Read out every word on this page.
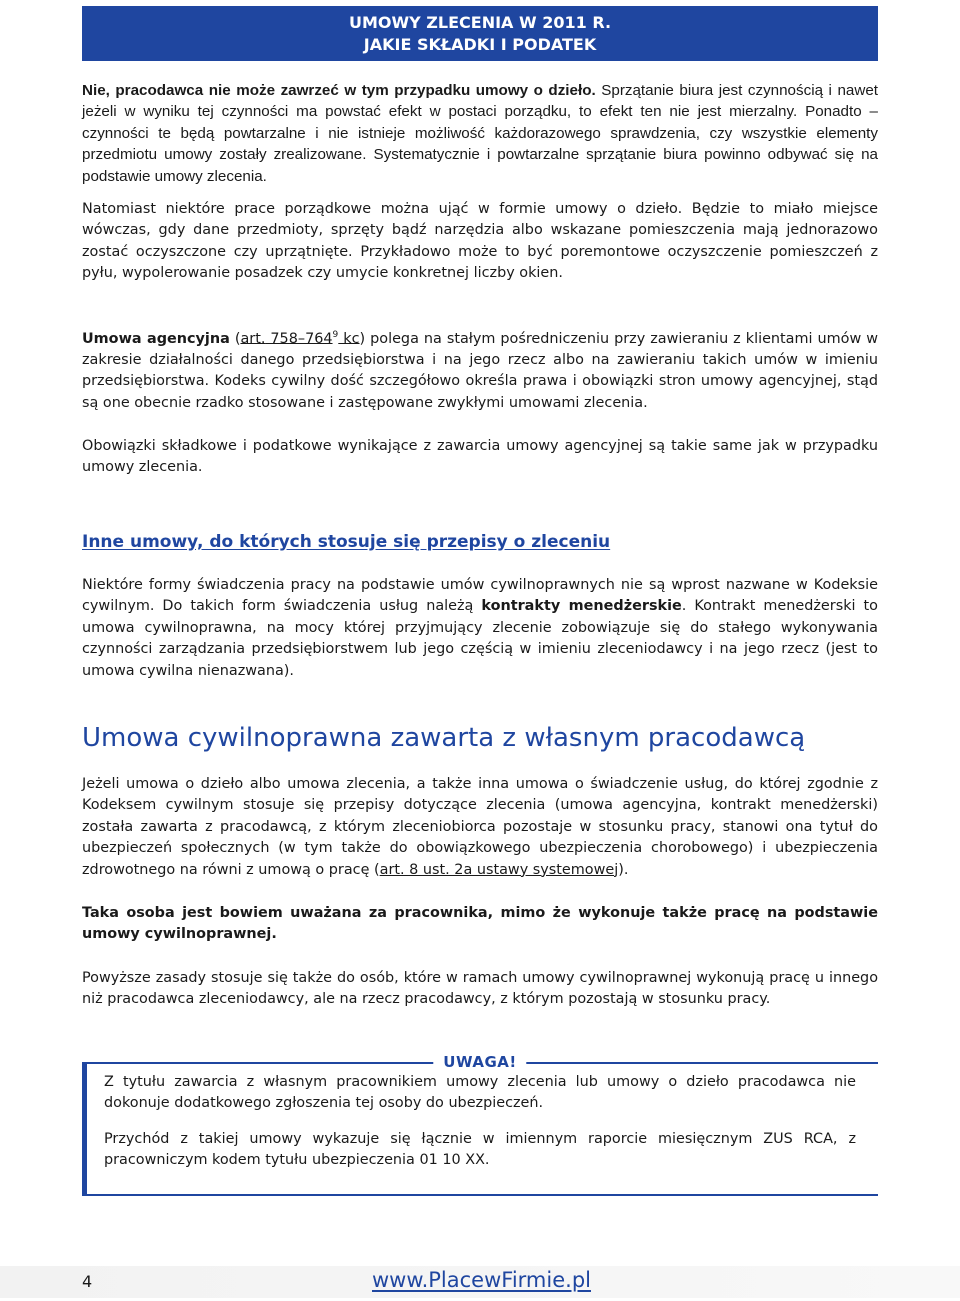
UMOWY ZLECENIA W 2011 R.
JAKIE SKŁADKI I PODATEK

Nie, pracodawca nie może zawrzeć w tym przypadku umowy o dzieło. Sprzątanie biura jest czynnością i nawet jeżeli w wyniku tej czynności ma powstać efekt w postaci porządku, to efekt ten nie jest mierzalny. Ponadto – czynności te będą powtarzalne i nie istnieje możliwość każdorazowego sprawdzenia, czy wszystkie elementy przedmiotu umowy zostały zrealizowane. Systematycznie i powtarzalne sprzątanie biura powinno odbywać się na podstawie umowy zlecenia.

Natomiast niektóre prace porządkowe można ująć w formie umowy o dzieło. Będzie to miało miejsce wówczas, gdy dane przedmioty, sprzęty bądź narzędzia albo wskazane pomieszczenia mają jednorazowo zostać oczyszczone czy uprzątnięte. Przykładowo może to być poremontowe oczyszczenie pomieszczeń z pyłu, wypolerowanie posadzek czy umycie konkretnej liczby okien.

Umowa agencyjna (art. $758-764^9$ kc) polega na stałym pośredniczeniu przy zawieraniu z klientami umów w zakresie działalności danego przedsiębiorstwa i na jego rzecz albo na zawieraniu takich umów w imieniu przedsiębiorstwa. Kodeks cywilny dość szczegółowo określa prawa i obowiązki stron umowy agencyjnej, stąd są one obecnie rzadko stosowane i zastępowane zwykłymi umowami zlecenia.

Obowiązki składkowe i podatkowe wynikające z zawarcia umowy agencyjnej są takie same jak w przypadku umowy zlecenia.

Inne umowy, do których stosuje się przepisy o zleceniu

Niektóre formy świadczenia pracy na podstawie umów cywilnoprawnych nie są wprost nazwane w Kodeksie cywilnym. Do takich form świadczenia usług należą kontrakty menedżerskie. Kontrakt menedżerski to umowa cywilnoprawna, na mocy której przyjmujący zlecenie zobowiązuje się do stałego wykonywania czynności zarządzania przedsiębiorstwem lub jego częścią w imieniu zleceniodawcy i na jego rzecz (jest to umowa cywilna nienazwana).

Umowa cywilnoprawna zawarta z własnym pracodawcą

Jeżeli umowa o dzieło albo umowa zlecenia, a także inna umowa o świadczenie usług, do której zgodnie z Kodeksem cywilnym stosuje się przepisy dotyczące zlecenia (umowa agencyjna, kontrakt menedżerski) została zawarta z pracodawcą, z którym zleceniobiorca pozostaje w stosunku pracy, stanowi ona tytuł do ubezpieczeń społecznych (w tym także do obowiązkowego ubezpieczenia chorobowego) i ubezpieczenia zdrowotnego na równi z umową o pracę (art. 8 ust. 2a ustawy systemowej).

Taka osoba jest bowiem uważana za pracownika, mimo że wykonuje także pracę na podstawie umowy cywilnoprawnej.

Powyższe zasady stosuje się także do osób, które w ramach umowy cywilnoprawnej wykonują pracę u innego niż pracodawca zleceniodawcy, ale na rzecz pracodawcy, z którym pozostają w stosunku pracy.

UWAGA!

Z tytułu zawarcia z własnym pracownikiem umowy zlecenia lub umowy o dzieło pracodawca nie dokonuje dodatkowego zgłoszenia tej osoby do ubezpieczeń.

Przychód z takiej umowy wykazuje się łącznie w imiennym raporcie miesięcznym ZUS RCA, z pracowniczym kodem tytułu ubezpieczenia 01 10 XX.

4	www.PlacewFirmie.pl
